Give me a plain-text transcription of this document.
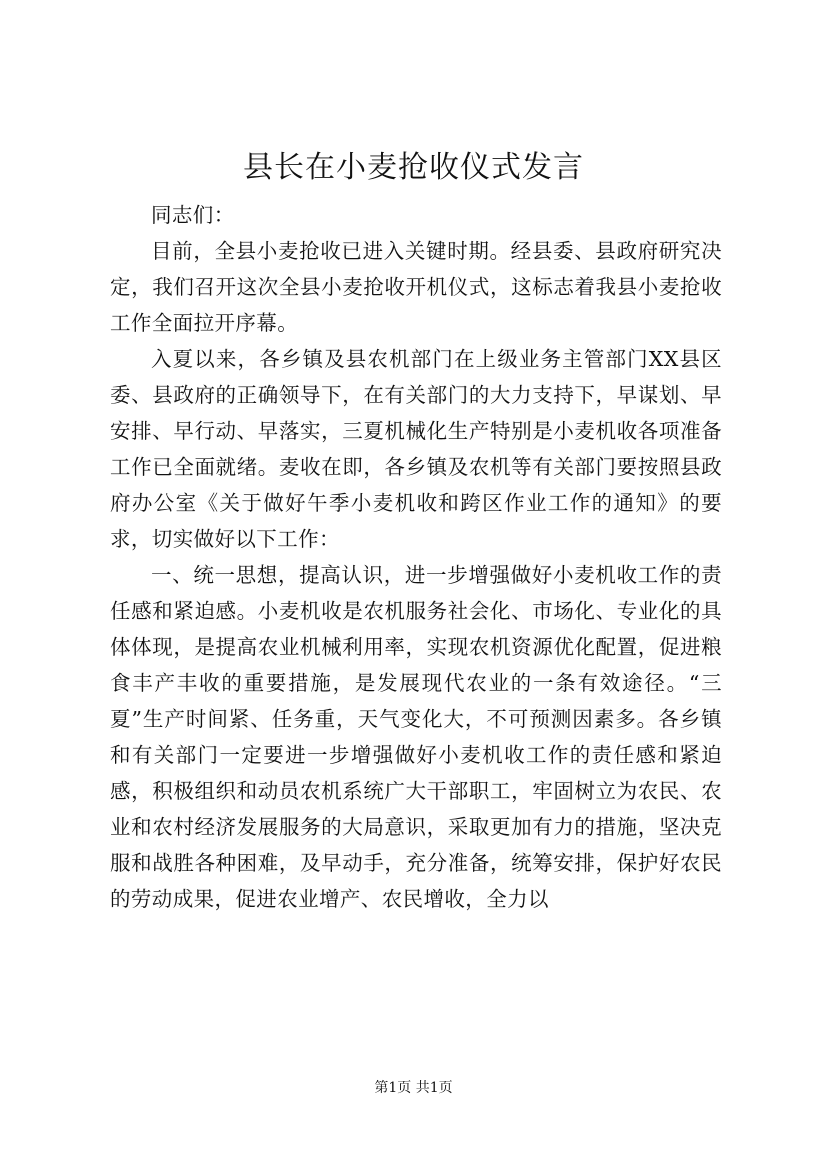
县长在小麦抢收仪式发言

同志们：

目前，全县小麦抢收已进入关键时期。经县委、县政府研究决定，我们召开这次全县小麦抢收开机仪式，这标志着我县小麦抢收工作全面拉开序幕。

入夏以来，各乡镇及县农机部门在上级业务主管部门XX县区委、县政府的正确领导下，在有关部门的大力支持下，早谋划、早安排、早行动、早落实，三夏机械化生产特别是小麦机收各项准备工作已全面就绪。麦收在即，各乡镇及农机等有关部门要按照县政府办公室《关于做好午季小麦机收和跨区作业工作的通知》的要求，切实做好以下工作：

一、统一思想，提高认识，进一步增强做好小麦机收工作的责任感和紧迫感。小麦机收是农机服务社会化、市场化、专业化的具体体现，是提高农业机械利用率，实现农机资源优化配置，促进粮食丰产丰收的重要措施，是发展现代农业的一条有效途径。“三夏”生产时间紧、任务重，天气变化大，不可预测因素多。各乡镇和有关部门一定要进一步增强做好小麦机收工作的责任感和紧迫感，积极组织和动员农机系统广大干部职工，牢固树立为农民、农业和农村经济发展服务的大局意识，采取更加有力的措施，坚决克服和战胜各种困难，及早动手，充分准备，统筹安排，保护好农民的劳动成果，促进农业增产、农民增收，全力以

第1页 共1页
